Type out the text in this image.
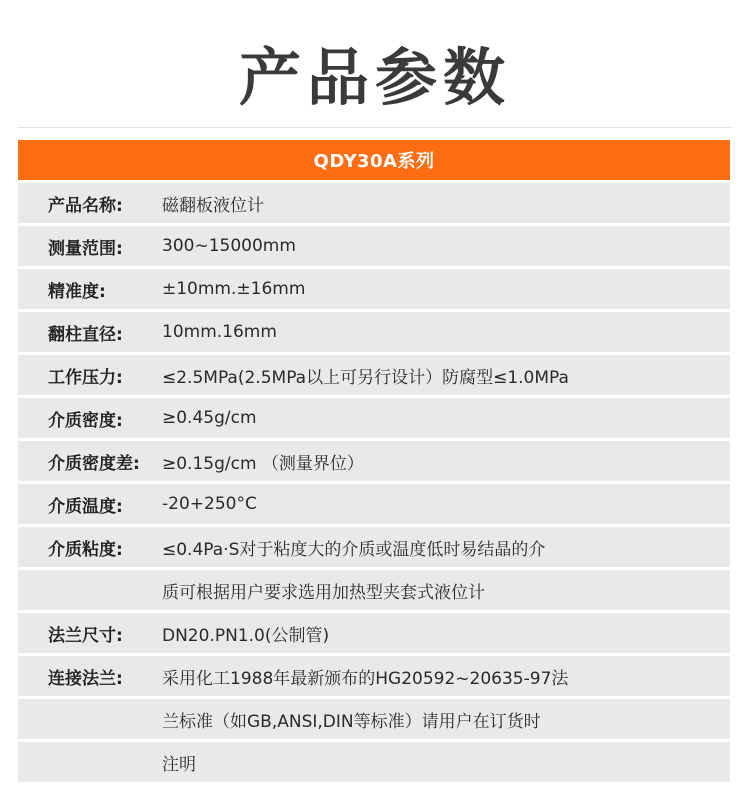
产品参数
QDY30A系列
产品名称:	磁翻板液位计
测量范围:	300~15000mm
精准度:	±10mm.±16mm
翻柱直径:	10mm.16mm
工作压力:	≤2.5MPa(2.5MPa以上可另行设计）防腐型≤1.0MPa
介质密度:	≥0.45g/cm
介质密度差:	≥0.15g/cm （测量界位）
介质温度:	-20+250°C
介质粘度:	≤0.4Pa·S对于粘度大的介质或温度低时易结晶的介
质可根据用户要求选用加热型夹套式液位计
法兰尺寸:	DN20.PN1.0(公制管)
连接法兰:	采用化工1988年最新颁布的HG20592~20635-97法
兰标准（如GB,ANSI,DIN等标准）请用户在订货时
注明
